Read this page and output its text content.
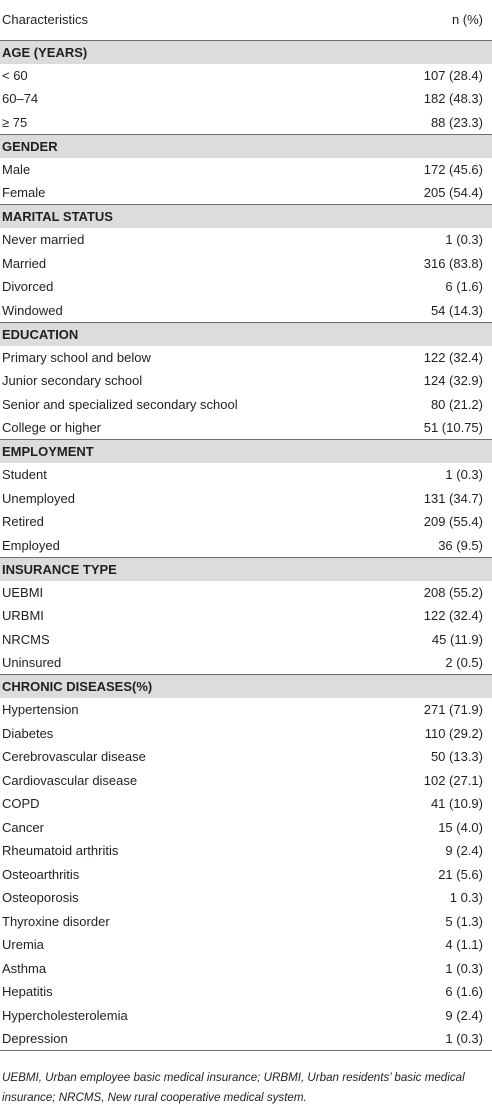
Characteristics	n (%)
AGE (YEARS)	
< 60	107 (28.4)
60–74	182 (48.3)
≥ 75	88 (23.3)
GENDER	
Male	172 (45.6)
Female	205 (54.4)
MARITAL STATUS	
Never married	1 (0.3)
Married	316 (83.8)
Divorced	6 (1.6)
Windowed	54 (14.3)
EDUCATION	
Primary school and below	122 (32.4)
Junior secondary school	124 (32.9)
Senior and specialized secondary school	80 (21.2)
College or higher	51 (10.75)
EMPLOYMENT	
Student	1 (0.3)
Unemployed	131 (34.7)
Retired	209 (55.4)
Employed	36 (9.5)
INSURANCE TYPE	
UEBMI	208 (55.2)
URBMI	122 (32.4)
NRCMS	45 (11.9)
Uninsured	2 (0.5)
CHRONIC DISEASES(%)	
Hypertension	271 (71.9)
Diabetes	110 (29.2)
Cerebrovascular disease	50 (13.3)
Cardiovascular disease	102 (27.1)
COPD	41 (10.9)
Cancer	15 (4.0)
Rheumatoid arthritis	9 (2.4)
Osteoarthritis	21 (5.6)
Osteoporosis	1 0.3)
Thyroxine disorder	5 (1.3)
Uremia	4 (1.1)
Asthma	1 (0.3)
Hepatitis	6 (1.6)
Hypercholesterolemia	9 (2.4)
Depression	1 (0.3)
UEBMI, Urban employee basic medical insurance; URBMI, Urban residents’ basic medical insurance; NRCMS, New rural cooperative medical system.
